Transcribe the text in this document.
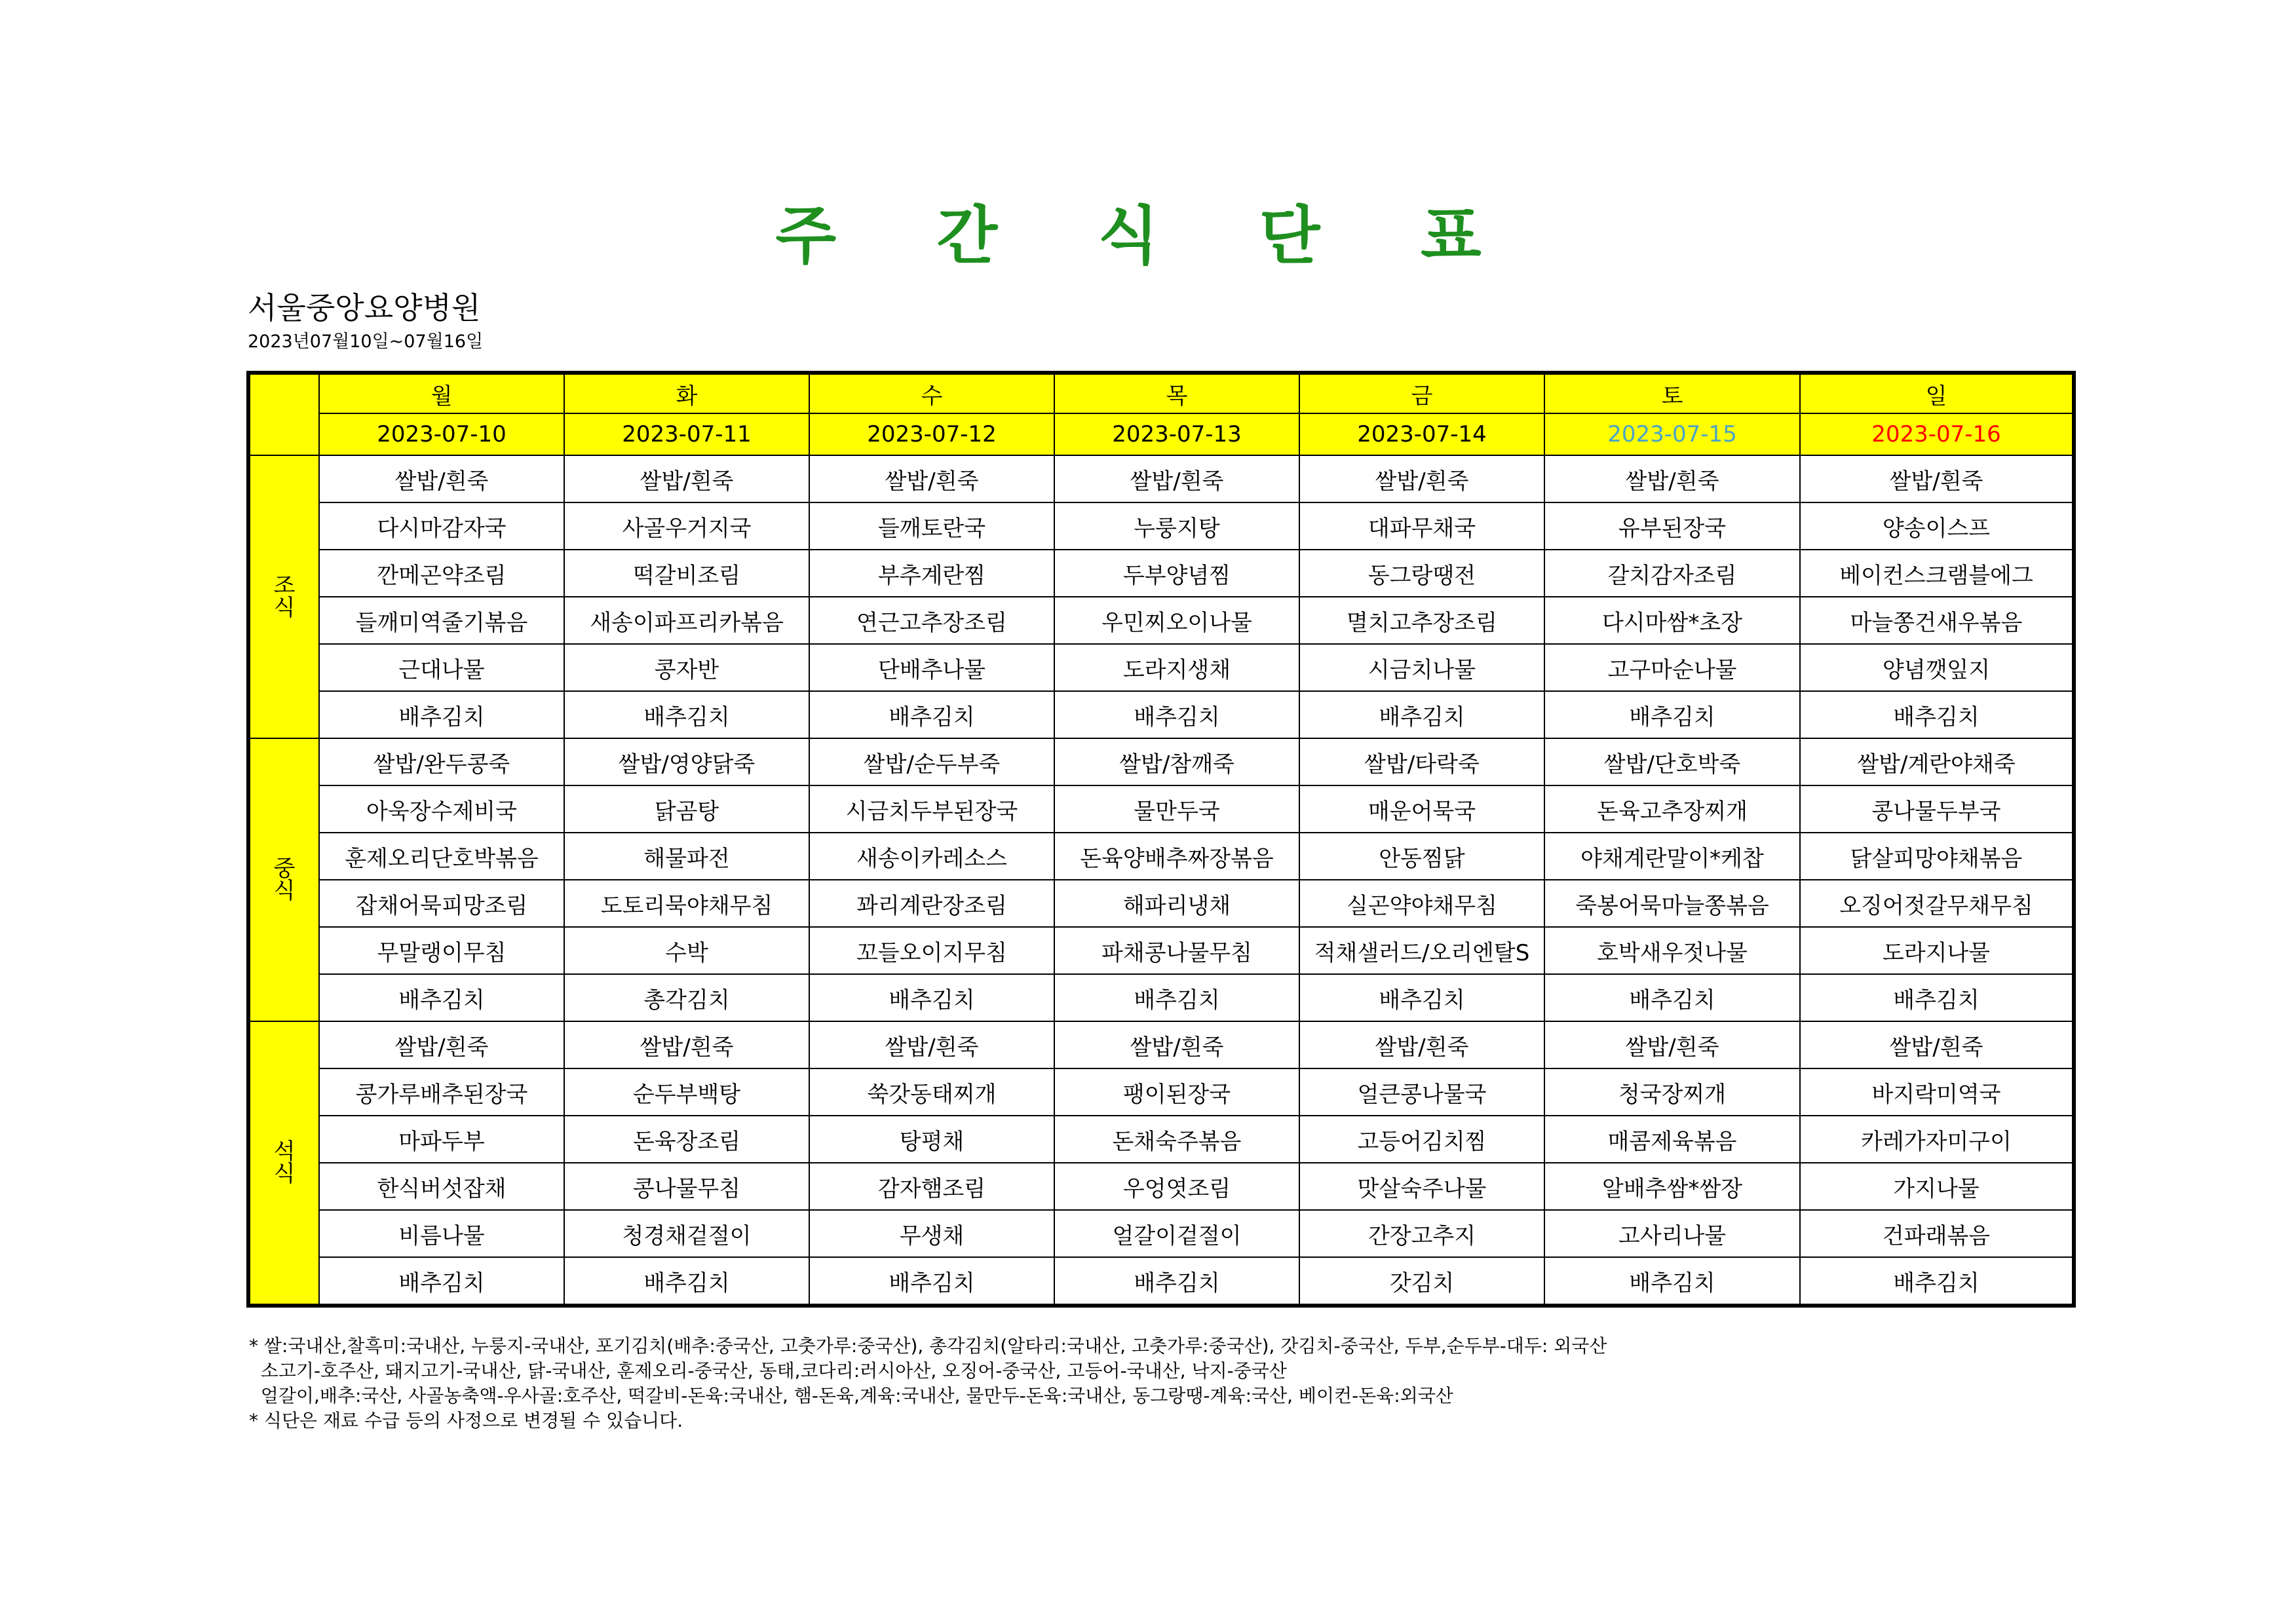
주 간 식 단 표
서울중앙요양병원
2023년07월10일~07월16일
	월	화	수	목	금	토	일
	2023-07-10	2023-07-11	2023-07-12	2023-07-13	2023-07-14	2023-07-15	2023-07-16

조
식	쌀밥/흰죽	쌀밥/흰죽	쌀밥/흰죽	쌀밥/흰죽	쌀밥/흰죽	쌀밥/흰죽	쌀밥/흰죽
	다시마감자국	사골우거지국	들깨토란국	누룽지탕	대파무채국	유부된장국	양송이스프
	깐메곤약조림	떡갈비조림	부추계란찜	두부양념찜	동그랑땡전	갈치감자조림	베이컨스크램블에그
	들깨미역줄기볶음	새송이파프리카볶음	연근고추장조림	우민찌오이나물	멸치고추장조림	다시마쌈*초장	마늘쫑건새우볶음
	근대나물	콩자반	단배추나물	도라지생채	시금치나물	고구마순나물	양념깻잎지
	배추김치	배추김치	배추김치	배추김치	배추김치	배추김치	배추김치

중
식	쌀밥/완두콩죽	쌀밥/영양닭죽	쌀밥/순두부죽	쌀밥/참깨죽	쌀밥/타락죽	쌀밥/단호박죽	쌀밥/계란야채죽
	아욱장수제비국	닭곰탕	시금치두부된장국	물만두국	매운어묵국	돈육고추장찌개	콩나물두부국
	훈제오리단호박볶음	해물파전	새송이카레소스	돈육양배추짜장볶음	안동찜닭	야채계란말이*케찹	닭살피망야채볶음
	잡채어묵피망조림	도토리묵야채무침	꽈리계란장조림	해파리냉채	실곤약야채무침	죽봉어묵마늘쫑볶음	오징어젓갈무채무침
	무말랭이무침	수박	꼬들오이지무침	파채콩나물무침	적채샐러드/오리엔탈S	호박새우젓나물	도라지나물
	배추김치	총각김치	배추김치	배추김치	배추김치	배추김치	배추김치

석
식	쌀밥/흰죽	쌀밥/흰죽	쌀밥/흰죽	쌀밥/흰죽	쌀밥/흰죽	쌀밥/흰죽	쌀밥/흰죽
	콩가루배추된장국	순두부백탕	쑥갓동태찌개	팽이된장국	얼큰콩나물국	청국장찌개	바지락미역국
	마파두부	돈육장조림	탕평채	돈채숙주볶음	고등어김치찜	매콤제육볶음	카레가자미구이
	한식버섯잡채	콩나물무침	감자햄조림	우엉엿조림	맛살숙주나물	알배추쌈*쌈장	가지나물
	비름나물	청경채겉절이	무생채	얼갈이겉절이	간장고추지	고사리나물	건파래볶음
	배추김치	배추김치	배추김치	배추김치	갓김치	배추김치	배추김치
* 쌀:국내산,찰흑미:국내산, 누룽지-국내산, 포기김치(배추:중국산, 고춧가루:중국산), 총각김치(알타리:국내산, 고춧가루:중국산), 갓김치-중국산, 두부,순두부-대두: 외국산
소고기-호주산, 돼지고기-국내산, 닭-국내산, 훈제오리-중국산, 동태,코다리:러시아산, 오징어-중국산, 고등어-국내산, 낙지-중국산
얼갈이,배추:국산, 사골농축액-우사골:호주산, 떡갈비-돈육:국내산, 햄-돈육,계육:국내산, 물만두-돈육:국내산, 동그랑땡-계육:국산, 베이컨-돈육:외국산
* 식단은 재료 수급 등의 사정으로 변경될 수 있습니다.
